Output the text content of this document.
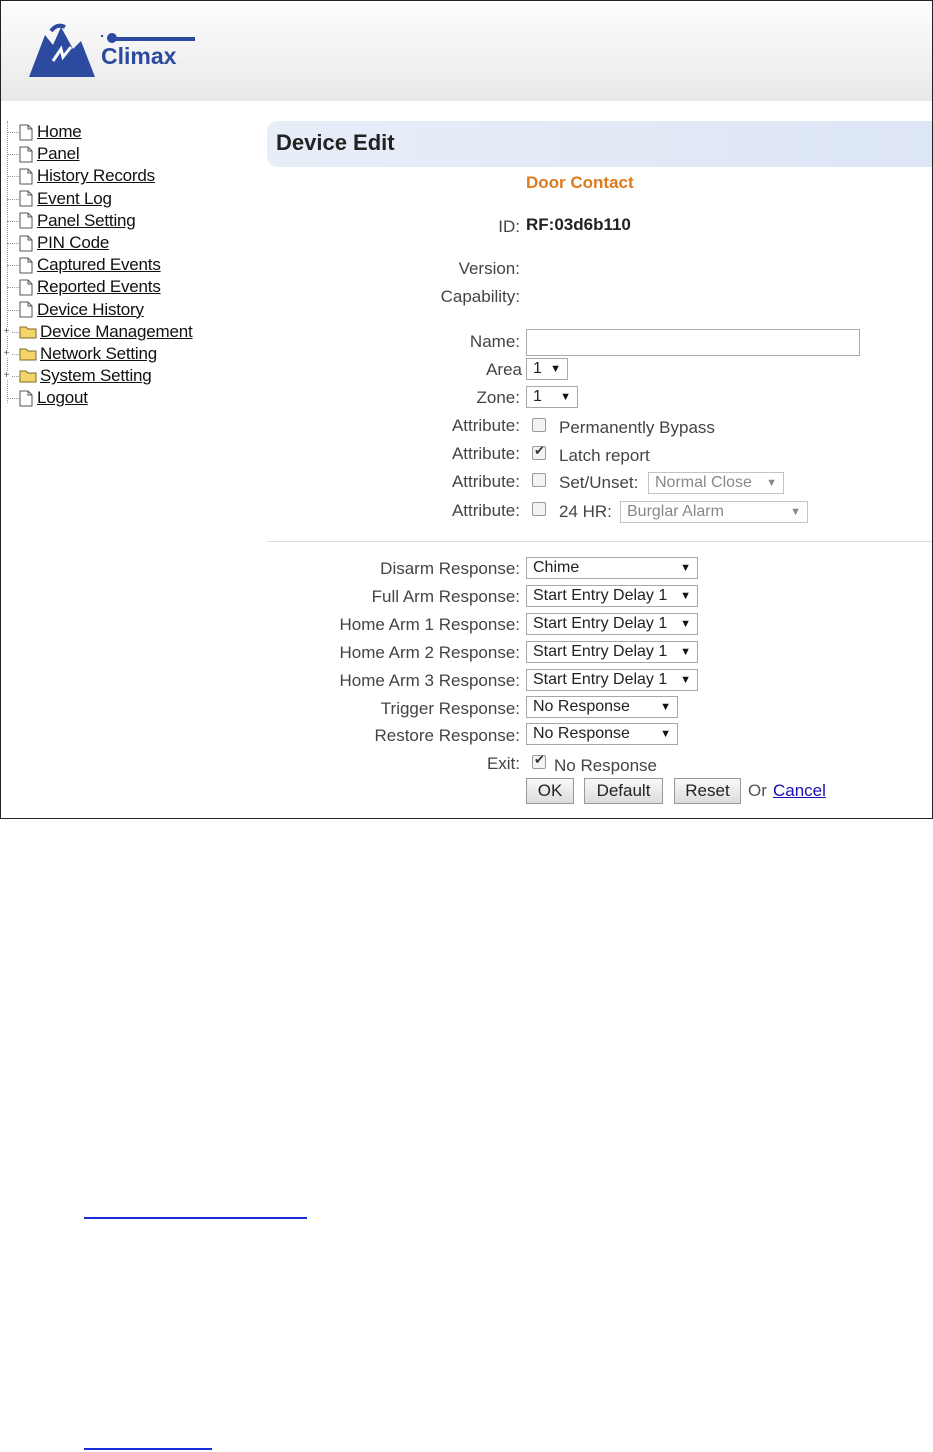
Climax
Home
Panel
History Records
Event Log
Panel Setting
PIN Code
Captured Events
Reported Events
Device History
+ Device Management
+ Network Setting
+ System Setting
Logout
Device Edit
Door Contact
ID: RF:03d6b110
Version:
Capability:
Name:
Area 1 ▼
Zone: 1 ▼
Attribute: Permanently Bypass
Attribute: ✔ Latch report
Attribute: Set/Unset:	Normal Close ▼
Attribute: 24 HR: Burglar Alarm	▼
Disarm Response: Chime	▼
Full Arm Response: Start Entry Delay 1 ▼
Home Arm 1 Response: Start Entry Delay 1 ▼
Home Arm 2 Response: Start Entry Delay 1 ▼
Home Arm 3 Response: Start Entry Delay 1 ▼
Trigger Response: No Response	▼
Restore Response: No Response	▼
Exit: ✔ No Response
OK	Default	Reset	Or Cancel
